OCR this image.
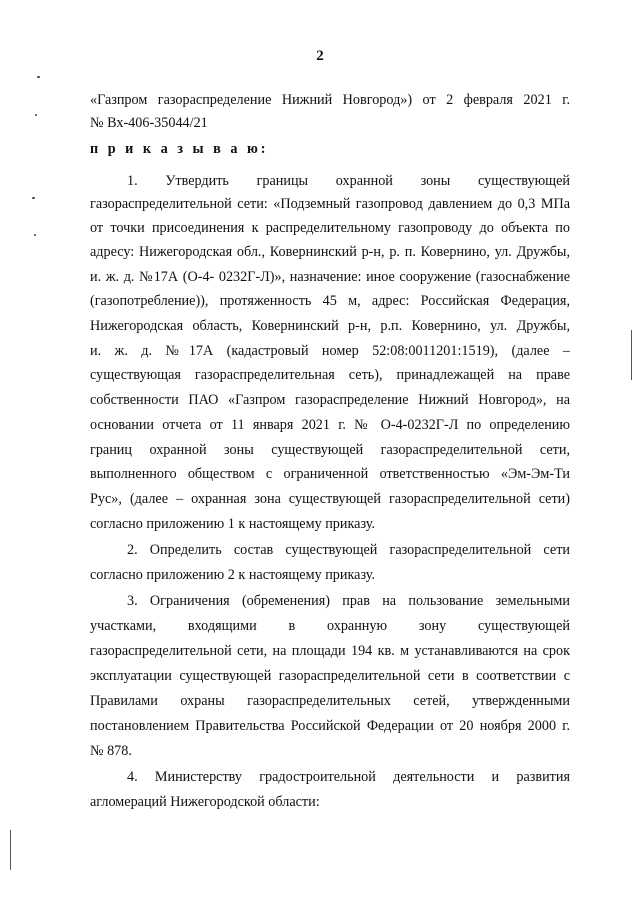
2
«Газпром газораспределение Нижний Новгород») от 2 февраля 2021 г.
№ Вх-406-35044/21
п р и к а з ы в а ю:
1. Утвердить границы охранной зоны существующей
газораспределительной сети: «Подземный газопровод давлением до 0,3 МПа
от точки присоединения к распределительному газопроводу до объекта по
адресу: Нижегородская обл., Ковернинский р-н, р. п. Ковернино, ул. Дружбы,
и. ж. д. №17А (О-4- 0232Г-Л)», назначение: иное сооружение (газоснабжение
(газопотребление)), протяженность 45 м, адрес: Российская Федерация,
Нижегородская область, Ковернинский р-н, р.п. Ковернино, ул. Дружбы,
и. ж. д. №17А (кадастровый номер 52:08:0011201:1519), (далее –
существующая газораспределительная сеть), принадлежащей на праве
собственности ПАО «Газпром газораспределение Нижний Новгород», на
основании отчета от 11 января 2021 г. № О-4-0232Г-Л по определению
границ охранной зоны существующей газораспределительной сети,
выполненного обществом с ограниченной ответственностью «Эм-Эм-Ти
Рус», (далее – охранная зона существующей газораспределительной сети)
согласно приложению 1 к настоящему приказу.
2. Определить состав существующей газораспределительной сети
согласно приложению 2 к настоящему приказу.
3. Ограничения (обременения) прав на пользование земельными
участками, входящими в охранную зону существующей
газораспределительной сети, на площади 194 кв. м устанавливаются на срок
эксплуатации существующей газораспределительной сети в соответствии с
Правилами охраны газораспределительных сетей, утвержденными
постановлением Правительства Российской Федерации от 20 ноября 2000 г.
№ 878.
4. Министерству градостроительной деятельности и развития
агломераций Нижегородской области:
